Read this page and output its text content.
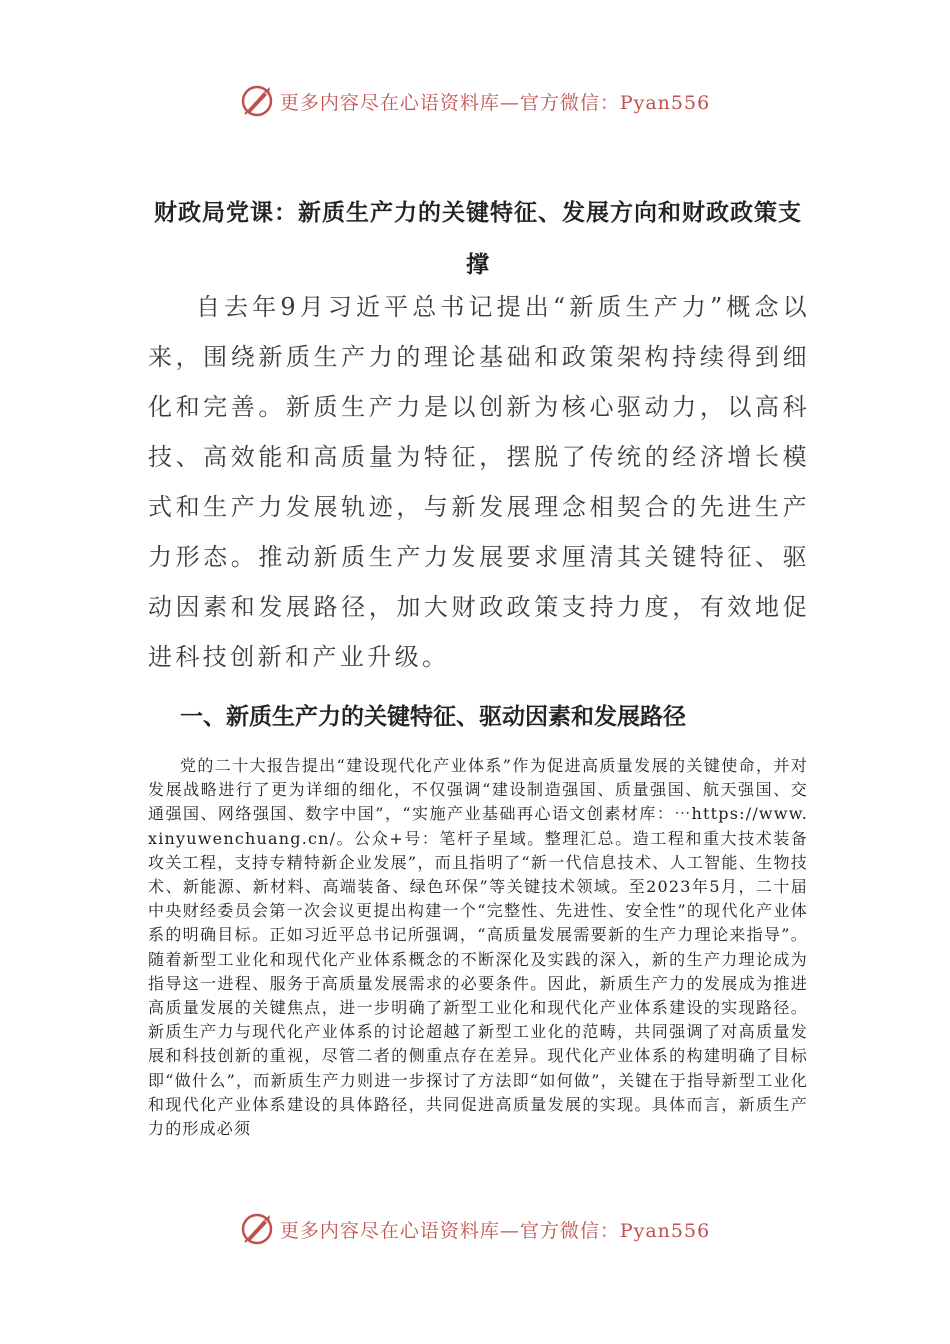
更多内容尽在心语资料库—官方微信：Pyan556
财政局党课：新质生产力的关键特征、发展方向和财政政策支撑

自去年9月习近平总书记提出“新质生产力”概念以来，围绕新质生产力的理论基础和政策架构持续得到细化和完善。新质生产力是以创新为核心驱动力，以高科技、高效能和高质量为特征，摆脱了传统的经济增长模式和生产力发展轨迹，与新发展理念相契合的先进生产力形态。推动新质生产力发展要求厘清其关键特征、驱动因素和发展路径，加大财政政策支持力度，有效地促进科技创新和产业升级。

一、新质生产力的关键特征、驱动因素和发展路径

党的二十大报告提出“建设现代化产业体系”作为促进高质量发展的关键使命，并对发展战略进行了更为详细的细化，不仅强调“建设制造强国、质量强国、航天强国、交通强国、网络强国、数字中国”，“实施产业基础再心语文创素材库：⋯https://www.xinyuwenchuang.cn/。公众+号：笔杆子星域。整理汇总。造工程和重大技术装备攻关工程，支持专精特新企业发展”，而且指明了“新一代信息技术、人工智能、生物技术、新能源、新材料、高端装备、绿色环保”等关键技术领域。至2023年5月，二十届中央财经委员会第一次会议更提出构建一个“完整性、先进性、安全性”的现代化产业体系的明确目标。正如习近平总书记所强调，“高质量发展需要新的生产力理论来指导”。随着新型工业化和现代化产业体系概念的不断深化及实践的深入，新的生产力理论成为指导这一进程、服务于高质量发展需求的必要条件。因此，新质生产力的发展成为推进高质量发展的关键焦点，进一步明确了新型工业化和现代化产业体系建设的实现路径。新质生产力与现代化产业体系的讨论超越了新型工业化的范畴，共同强调了对高质量发展和科技创新的重视，尽管二者的侧重点存在差异。现代化产业体系的构建明确了目标即“做什么”，而新质生产力则进一步探讨了方法即“如何做”，关键在于指导新型工业化和现代化产业体系建设的具体路径，共同促进高质量发展的实现。具体而言，新质生产力的形成必须

更多内容尽在心语资料库—官方微信：Pyan556
